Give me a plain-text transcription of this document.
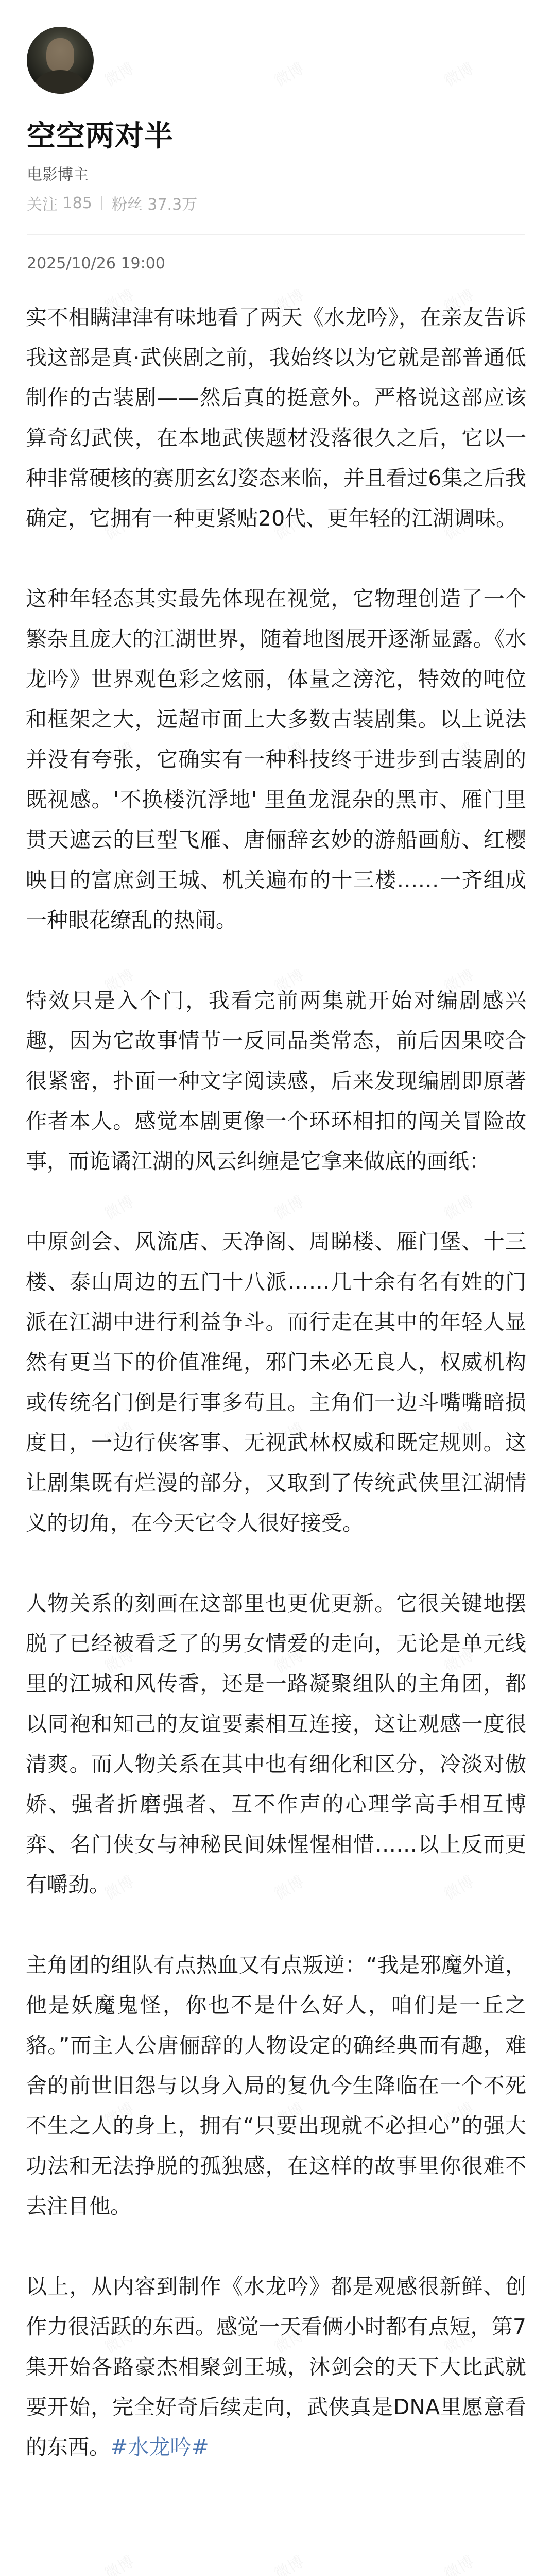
空空两对半
电影博主
关注
185 粉丝
37.3万
2025/10/26 19:00

实不相瞒津津有味地看了两天《水龙吟》，在亲友告诉我这部是真·武侠剧之前，我始终以为它就是部普通低制作的古装剧——然后真的挺意外。严格说这部应该算奇幻武侠，在本地武侠题材没落很久之后，它以一种非常硬核的赛朋玄幻姿态来临，并且看过6集之后我确定，它拥有一种更紧贴20代、更年轻的江湖调味。

这种年轻态其实最先体现在视觉，它物理创造了一个繁杂且庞大的江湖世界，随着地图展开逐渐显露。《水龙吟》世界观色彩之炫丽，体量之滂沱，特效的吨位和框架之大，远超市面上大多数古装剧集。以上说法并没有夸张，它确实有一种科技终于进步到古装剧的既视感。'不换楼沉浮地' 里鱼龙混杂的黑市、雁门里贯天遮云的巨型飞雁、唐俪辞玄妙的游船画舫、红樱映日的富庶剑王城、机关遍布的十三楼……一齐组成一种眼花缭乱的热闹。

特效只是入个门，我看完前两集就开始对编剧感兴趣，因为它故事情节一反同品类常态，前后因果咬合很紧密，扑面一种文字阅读感，后来发现编剧即原著作者本人。感觉本剧更像一个环环相扣的闯关冒险故事，而诡谲江湖的风云纠缠是它拿来做底的画纸：

中原剑会、风流店、天净阁、周睇楼、雁门堡、十三楼、泰山周边的五门十八派……几十余有名有姓的门派在江湖中进行利益争斗。而行走在其中的年轻人显然有更当下的价值准绳，邪门未必无良人，权威机构或传统名门倒是行事多苟且。主角们一边斗嘴嘴暗损度日，一边行侠客事、无视武林权威和既定规则。这让剧集既有烂漫的部分，又取到了传统武侠里江湖情义的切角，在今天它令人很好接受。

人物关系的刻画在这部里也更优更新。它很关键地摆脱了已经被看乏了的男女情爱的走向，无论是单元线里的江城和风传香，还是一路凝聚组队的主角团，都以同袍和知己的友谊要素相互连接，这让观感一度很清爽。而人物关系在其中也有细化和区分，冷淡对傲娇、强者折磨强者、互不作声的心理学高手相互博弈、名门侠女与神秘民间妹惺惺相惜……以上反而更有嚼劲。

主角团的组队有点热血又有点叛逆：“我是邪魔外道，他是妖魔鬼怪，你也不是什么好人，咱们是一丘之貉。”而主人公唐俪辞的人物设定的确经典而有趣，难舍的前世旧怨与以身入局的复仇今生降临在一个不死不生之人的身上，拥有“只要出现就不必担心”的强大功法和无法挣脱的孤独感，在这样的故事里你很难不去注目他。

以上，从内容到制作《水龙吟》都是观感很新鲜、创作力很活跃的东西。感觉一天看俩小时都有点短，第7集开始各路豪杰相聚剑王城，沐剑会的天下大比武就要开始，完全好奇后续走向，武侠真是DNA里愿意看的东西。#水龙吟#
